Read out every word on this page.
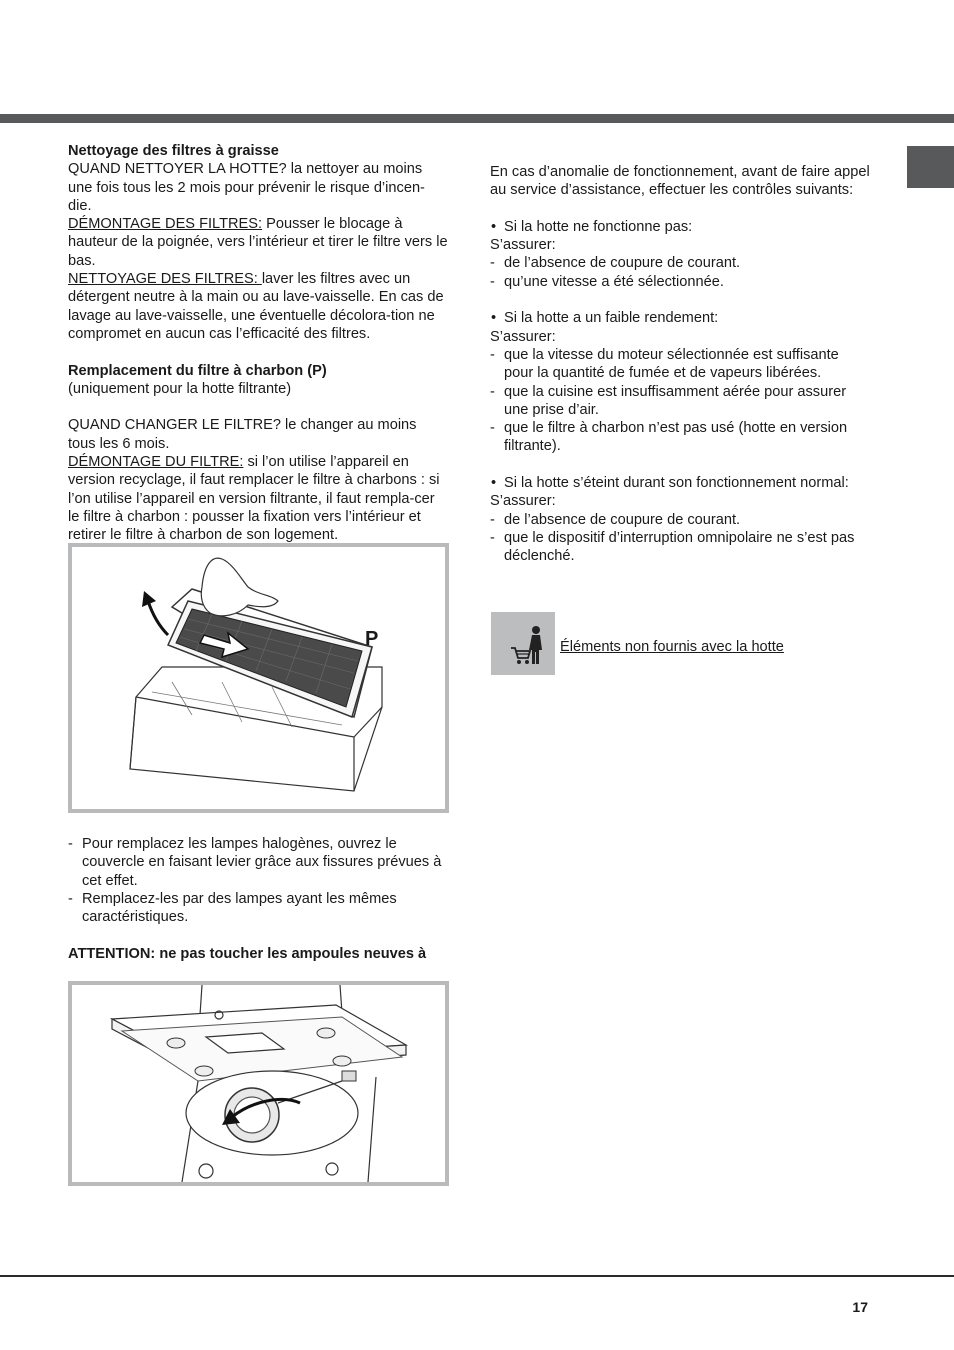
Nettoyage des filtres à graisse

QUAND NETTOYER LA HOTTE? la nettoyer au moins une fois tous les 2 mois pour prévenir le risque d’incen-die.

DÉMONTAGE DES FILTRES: Pousser le blocage à hauteur de la poignée, vers l’intérieur et tirer le filtre vers le bas.

NETTOYAGE DES FILTRES: laver les filtres avec un détergent neutre à la main ou au lave-vaisselle. En cas de lavage au lave-vaisselle, une éventuelle décolora-tion ne compromet en aucun cas l’efficacité des filtres.

Remplacement du filtre à charbon (P)

(uniquement pour la hotte filtrante)

QUAND CHANGER LE FILTRE? le changer au moins tous les 6 mois.

DÉMONTAGE DU FILTRE: si l’on utilise l’appareil en version recyclage, il faut remplacer le filtre à charbons : si l’on utilise l’appareil en version filtrante, il faut rempla-cer le filtre à charbon : pousser la fixation vers l’intérieur et retirer le filtre à charbon de son logement.

P

- Pour remplacez les lampes halogènes, ouvrez le couvercle en faisant levier grâce aux fissures prévues à cet effet.

- Remplacez-les par des lampes ayant les mêmes caractéristiques.

ATTENTION: ne pas toucher les ampoules neuves à

En cas d’anomalie de fonctionnement, avant de faire appel au service d’assistance, effectuer les contrôles suivants:

• Si la hotte ne fonctionne pas:

S’assurer:

- de l’absence de coupure de courant.

- qu’une vitesse a été sélectionnée.

• Si la hotte a un faible rendement:

S’assurer:

- que la vitesse du moteur sélectionnée est suffisante pour la quantité de fumée et de vapeurs libérées.

- que la cuisine est insuffisamment aérée pour assurer une prise d’air.

- que le filtre à charbon n’est pas usé (hotte en version filtrante).

• Si la hotte s’éteint durant son fonctionnement normal:

S’assurer:

- de l’absence de coupure de courant.

- que le dispositif d’interruption omnipolaire ne s’est pas déclenché.

Éléments non fournis avec la hotte
17
